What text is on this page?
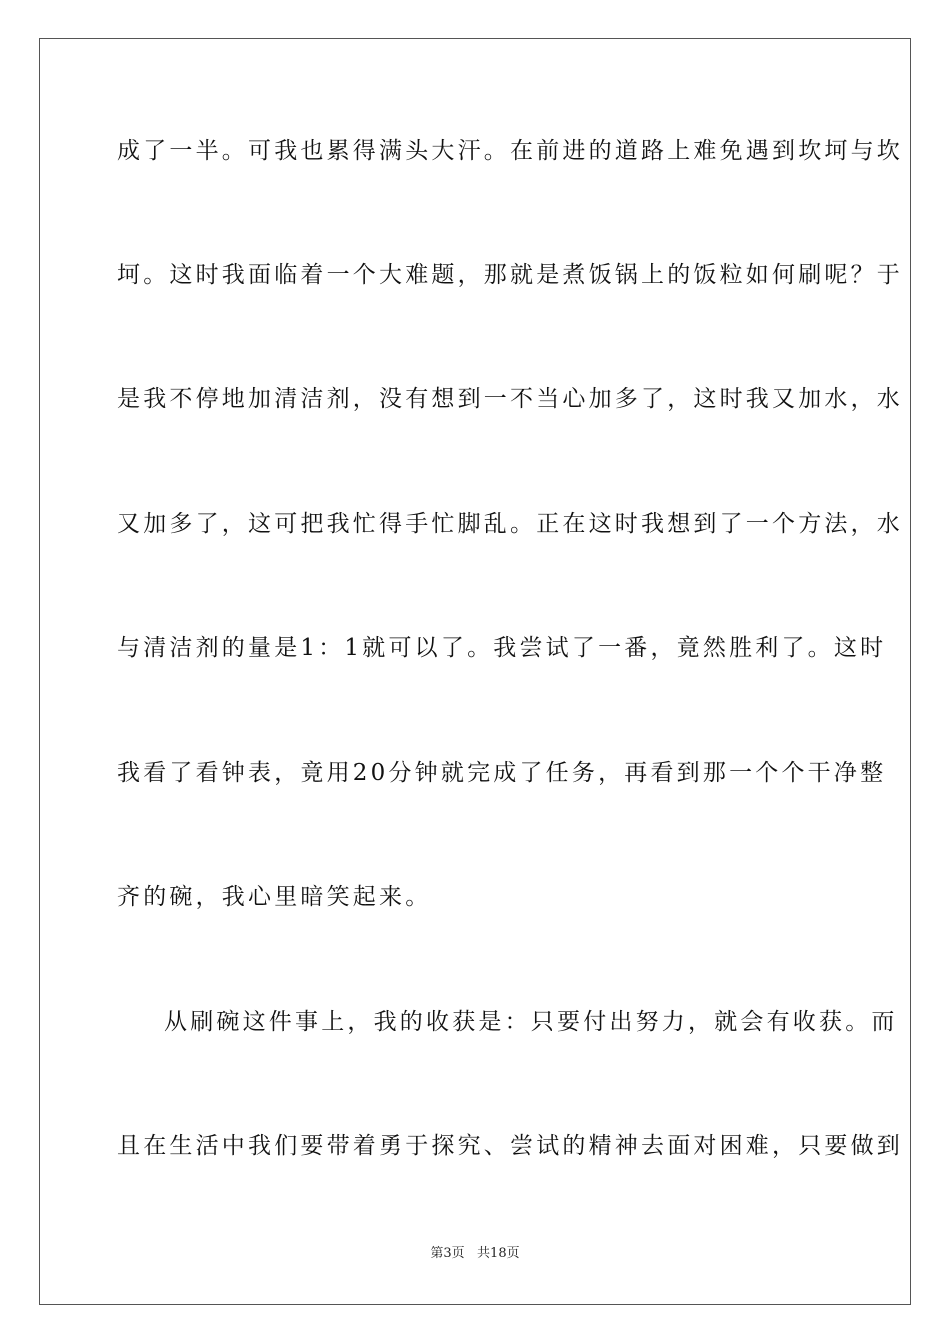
成了一半。可我也累得满头大汗。在前进的道路上难免遇到坎坷与坎
坷。这时我面临着一个大难题，那就是煮饭锅上的饭粒如何刷呢？于
是我不停地加清洁剂，没有想到一不当心加多了，这时我又加水，水
又加多了，这可把我忙得手忙脚乱。正在这时我想到了一个方法，水
与清洁剂的量是1：1就可以了。我尝试了一番，竟然胜利了。这时
我看了看钟表，竟用20分钟就完成了任务，再看到那一个个干净整
齐的碗，我心里暗笑起来。
从刷碗这件事上，我的收获是：只要付出努力，就会有收获。而
且在生活中我们要带着勇于探究、尝试的精神去面对困难，只要做到
第3页   共18页
